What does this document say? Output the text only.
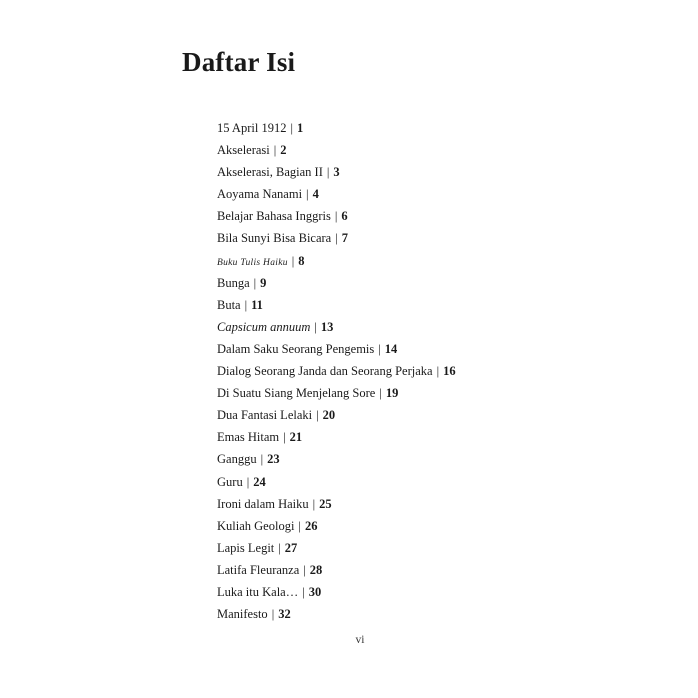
Daftar Isi
15 April 1912 | 1
Akselerasi | 2
Akselerasi, Bagian II | 3
Aoyama Nanami | 4
Belajar Bahasa Inggris | 6
Bila Sunyi Bisa Bicara | 7
Buku Tulis Haiku | 8
Bunga | 9
Buta | 11
Capsicum annuum | 13
Dalam Saku Seorang Pengemis | 14
Dialog Seorang Janda dan Seorang Perjaka | 16
Di Suatu Siang Menjelang Sore | 19
Dua Fantasi Lelaki | 20
Emas Hitam | 21
Ganggu | 23
Guru | 24
Ironi dalam Haiku | 25
Kuliah Geologi | 26
Lapis Legit | 27
Latifa Fleuranza | 28
Luka itu Kala… | 30
Manifesto | 32
vi
